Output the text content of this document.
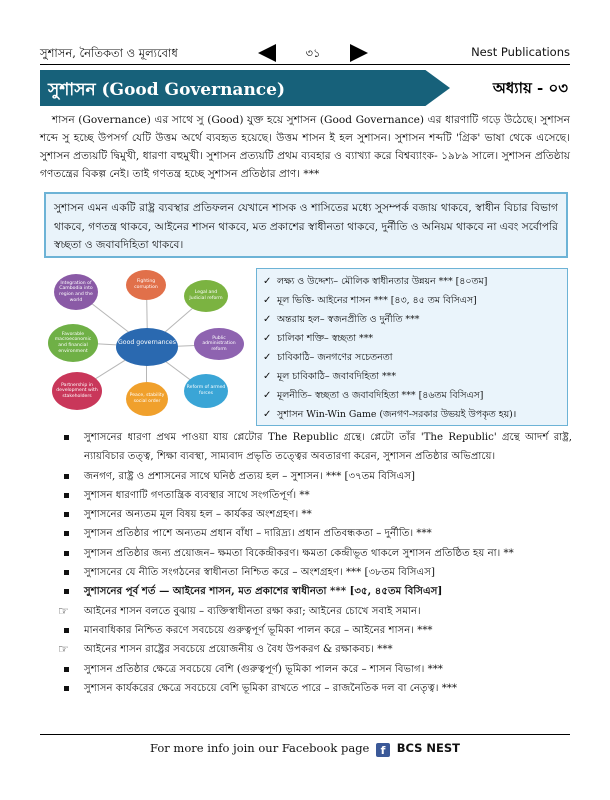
সুশাসন, নৈতিকতা ও মূল্যবোধ	৩১	Nest Publications
সুশাসন (Good Governance)	অধ্যায় - ০৩

শাসন (Governance) এর সাথে সু (Good) যুক্ত হয়ে সুশাসন (Good Governance) এর ধারণাটি গড়ে উঠেছে। সুশাসন শব্দে সু হচ্ছে উপসর্গ যেটি উত্তম অর্থে ব্যবহৃত হয়েছে। উত্তম শাসন ই হল সুশাসন। সুশাসন শব্দটি 'গ্রিক' ভাষা থেকে এসেছে। সুশাসন প্রত্যয়টি দ্বিমুখী, ধারণা বহুমুখী। সুশাসন প্রত্যয়টি প্রথম ব্যবহার ও ব্যাখ্যা করে বিশ্বব্যাংক- ১৯৮৯ সালে। সুশাসন প্রতিষ্ঠায় গণতন্ত্রের বিকল্প নেই। তাই গণতন্ত্র হচ্ছে সুশাসন প্রতিষ্ঠার প্রাণ। ***

সুশাসন এমন একটি রাষ্ট্র ব্যবস্থার প্রতিফলন যেখানে শাসক ও শাসিতের মধ্যে সুসম্পর্ক বজায় থাকবে, স্বাধীন বিচার বিভাগ থাকবে, গণতন্ত্র থাকবে, আইনের শাসন থাকবে, মত প্রকাশের স্বাধীনতা থাকবে, দুর্নীতি ও অনিয়ম থাকবে না এবং সর্বোপরি স্বচ্ছতা ও জবাবদিহিতা থাকবে।
Good governances
Integration of Cambodia into region and the world
Fighting corruption
Legal and Judicial reform
Public administration reform
Reform of armed forces
Peace, stability social order
Partnership in development with stakeholders
Favorable macroeconomic and financial environment
✓ লক্ষ্য ও উদ্দেশ্য– মৌলিক স্বাধীনতার উন্নয়ন *** [৪০তম]
✓ মূল ভিত্তি- আইনের শাসন *** [৪৩, ৪৫ তম বিসিএস]
✓ অন্তরায় হল– স্বজনপ্রীতি ও দুর্নীতি ***
✓ চালিকা শক্তি– স্বচ্ছতা ***
✓ চাবিকাঠি– জনগণের সচেতনতা
✓ মূল চাবিকাঠি– জবাবদিহিতা ***
✓ মূলনীতি– স্বচ্ছতা ও জবাবদিহিতা *** [৪৬তম বিসিএস]
✓ সুশাসন Win-Win Game (জনগণ-সরকার উভয়ই উপকৃত হয়)।
সুশাসনের ধারণা প্রথম পাওয়া যায় প্লেটোর The Republic গ্রন্থে। প্লেটো তাঁর 'The Republic' গ্রন্থে আদর্শ রাষ্ট্র, ন্যায়বিচার তত্ত্ব, শিক্ষা ব্যবস্থা, সাম্যবাদ প্রভৃতি তত্ত্বের অবতারণা করেন, সুশাসন প্রতিষ্ঠার অভিপ্রায়ে।
জনগণ, রাষ্ট্র ও প্রশাসনের সাথে ঘনিষ্ঠ প্রত্যয় হল – সুশাসন। *** [৩৭তম বিসিএস]
সুশাসন ধারণাটি গণতান্ত্রিক ব্যবস্থার সাথে সংগতিপূর্ণ। **
সুশাসনের অন্যতম মূল বিষয় হল – কার্যকর অংশগ্রহণ। **
সুশাসন প্রতিষ্ঠার পাশে অন্যতম প্রধান বাঁধা – দারিদ্র্য। প্রধান প্রতিবন্ধকতা – দুর্নীতি। ***
সুশাসন প্রতিষ্ঠার জন্য প্রয়োজন– ক্ষমতা বিকেন্দ্রীকরণ। ক্ষমতা কেন্দ্রীভূত থাকলে সুশাসন প্রতিষ্ঠিত হয় না। **
সুশাসনের যে নীতি সংগঠনের স্বাধীনতা নিশ্চিত করে – অংশগ্রহণ। *** [৩৮তম বিসিএস]
সুশাসনের পূর্ব শর্ত — আইনের শাসন, মত প্রকাশের স্বাধীনতা *** [৩৫, ৪৫তম বিসিএস]
☞ আইনের শাসন বলতে বুঝায় – ব্যক্তিস্বাধীনতা রক্ষা করা; আইনের চোখে সবাই সমান।
মানবাধিকার নিশ্চিত করণে সবচেয়ে গুরুত্বপূর্ণ ভূমিকা পালন করে – আইনের শাসন। ***
☞ আইনের শাসন রাষ্ট্রের সবচেয়ে প্রয়োজনীয় ও বৈধ উপকরণ & রক্ষাকবচ। ***
সুশাসন প্রতিষ্ঠার ক্ষেত্রে সবচেয়ে বেশি (গুরুত্বপূর্ণ) ভূমিকা পালন করে – শাসন বিভাগ। ***
সুশাসন কার্যকরের ক্ষেত্রে সবচেয়ে বেশি ভূমিকা রাখতে পারে – রাজনৈতিক দল বা নেতৃত্ব। ***
For more info join our Facebook page f BCS NEST
